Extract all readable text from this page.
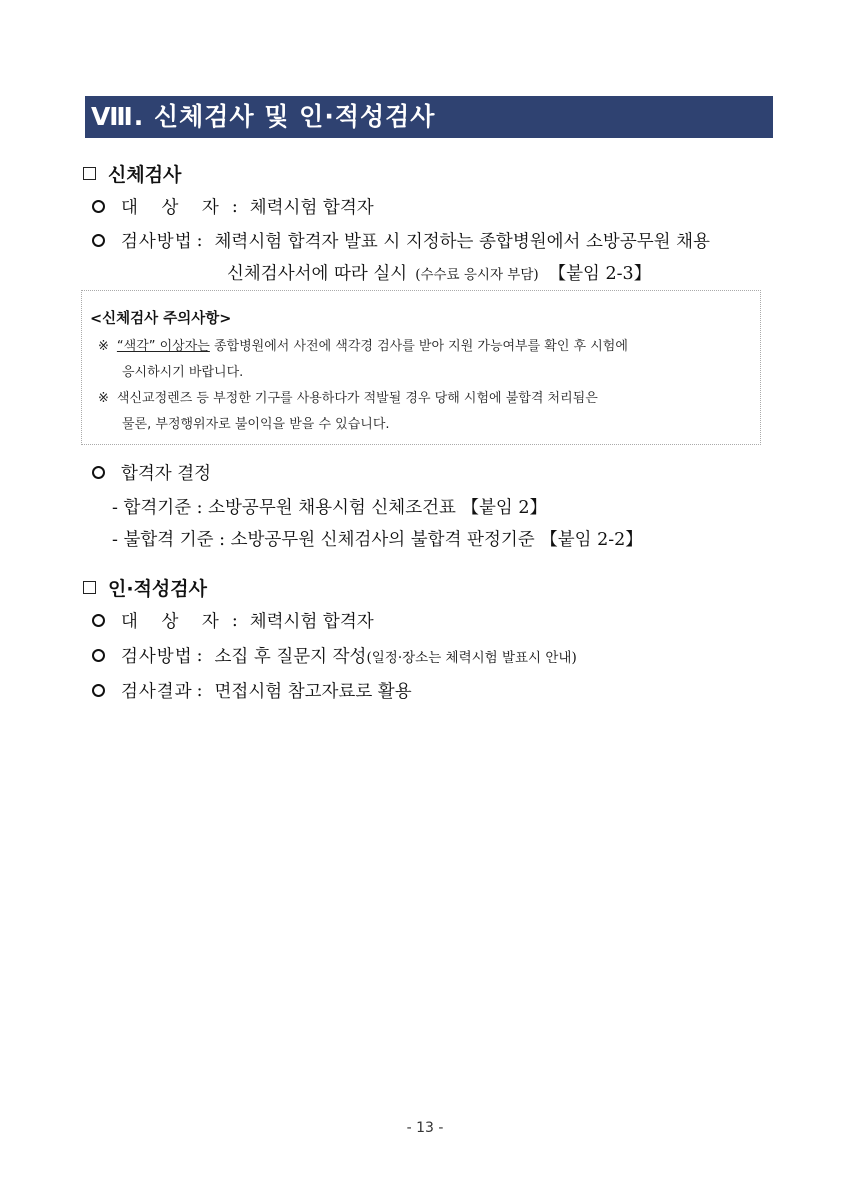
Ⅷ. 신체검사 및 인·적성검사
신체검사
대 상 자 : 체력시험 합격자
검사방법 : 체력시험 합격자 발표 시 지정하는 종합병원에서 소방공무원 채용
신체검사서에 따라 실시 (수수료 응시자 부담) 【붙임 2-3】
<신체검사 주의사항>
※ “색각” 이상자는 종합병원에서 사전에 색각경 검사를 받아 지원 가능여부를 확인 후 시험에
응시하시기 바랍니다.
※ 색신교정렌즈 등 부정한 기구를 사용하다가 적발될 경우 당해 시험에 불합격 처리됨은
물론, 부정행위자로 불이익을 받을 수 있습니다.
합격자 결정
- 합격기준 : 소방공무원 채용시험 신체조건표 【붙임 2】
- 불합격 기준 : 소방공무원 신체검사의 불합격 판정기준 【붙임 2-2】
인·적성검사
대 상 자 : 체력시험 합격자
검사방법 : 소집 후 질문지 작성 (일정·장소는 체력시험 발표시 안내)
검사결과 : 면접시험 참고자료로 활용
- 13 -
